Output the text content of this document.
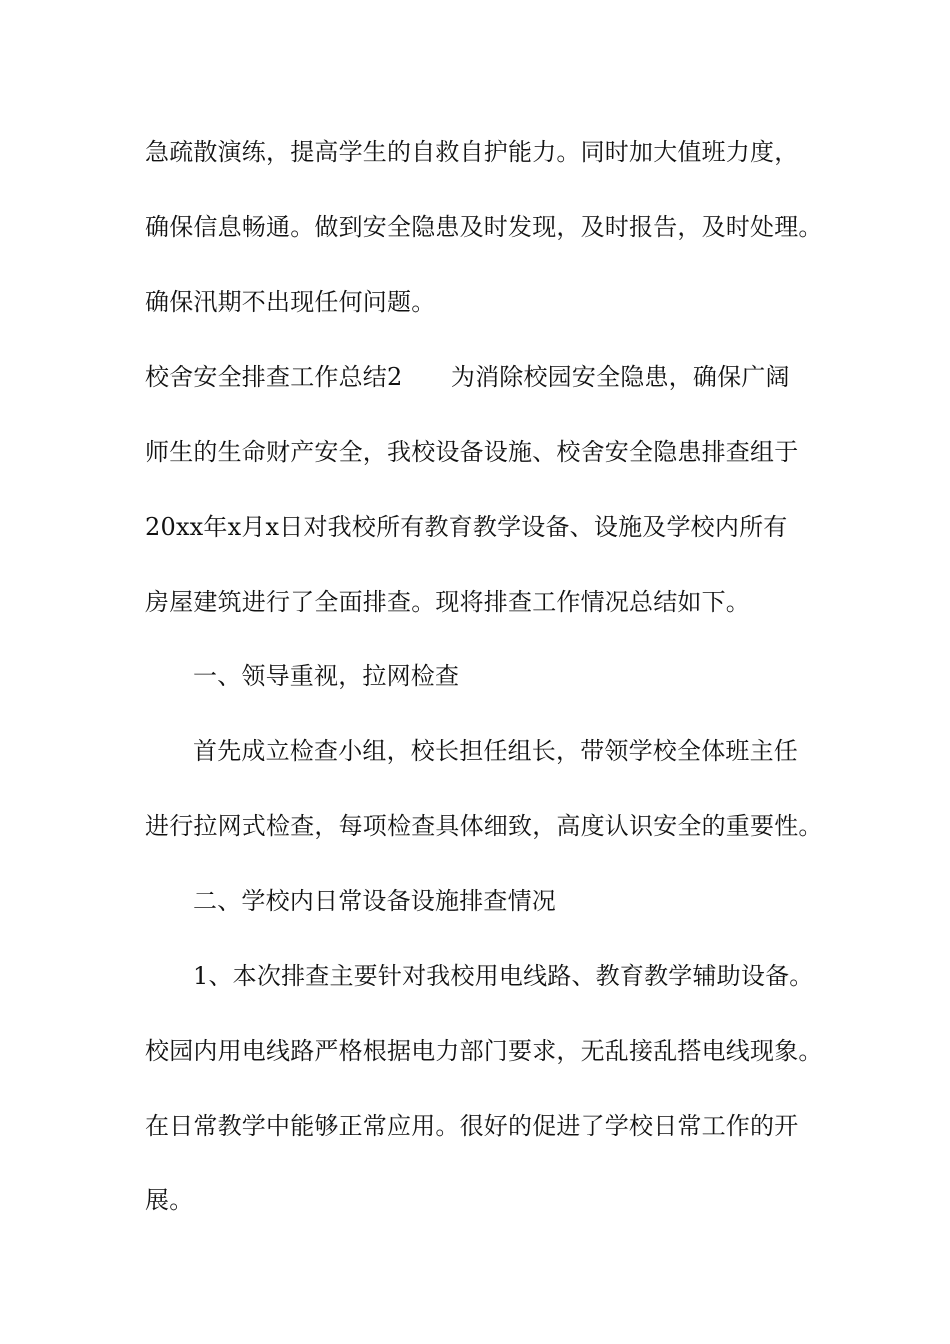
急疏散演练，提高学生的自救自护能力。同时加大值班力度，
确保信息畅通。做到安全隐患及时发现，及时报告，及时处理。
确保汛期不出现任何问题。
校舍安全排查工作总结2　　为消除校园安全隐患，确保广阔
师生的生命财产安全，我校设备设施、校舍安全隐患排查组于
20xx年x月x日对我校所有教育教学设备、设施及学校内所有
房屋建筑进行了全面排查。现将排查工作情况总结如下。
一、领导重视，拉网检查
首先成立检查小组，校长担任组长，带领学校全体班主任
进行拉网式检查，每项检查具体细致，高度认识安全的重要性。
二、学校内日常设备设施排查情况
1、本次排查主要针对我校用电线路、教育教学辅助设备。
校园内用电线路严格根据电力部门要求，无乱接乱搭电线现象。
在日常教学中能够正常应用。很好的促进了学校日常工作的开
展。
